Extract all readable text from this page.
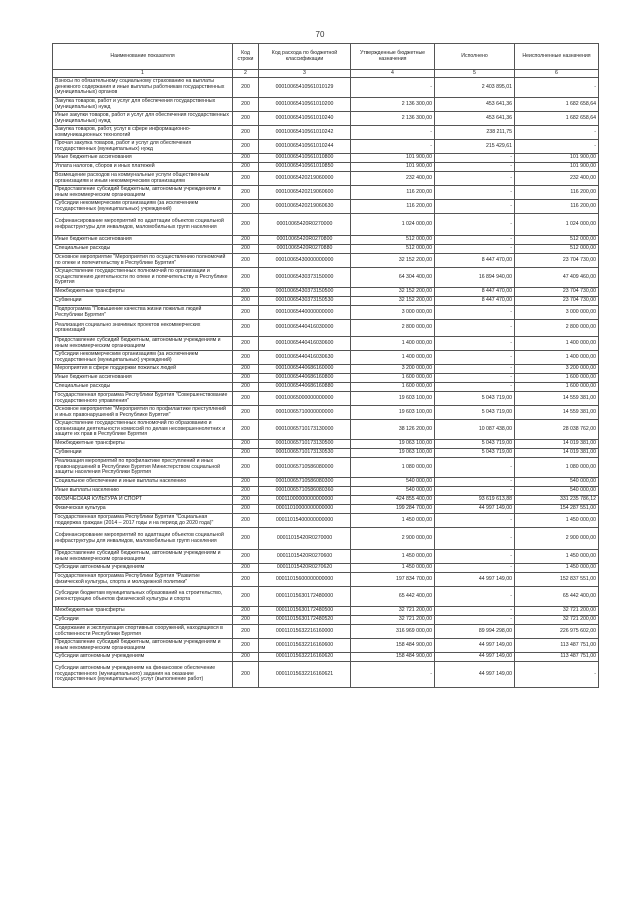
70
Наименование показателя	Код строки	Код расхода по бюджетной классификации	Утвержденные бюджетные назначения	Исполнено	Неисполненные назначения
1	2	3	4	5	6
Взносы по обязательному социальному страхованию на выплаты денежного содержания и иные выплаты работникам государственных (муниципальных) органов	200	00010065410561010129	-	2 403 895,01	-
Закупка товаров, работ и услуг для обеспечения государственных (муниципальных) нужд	200	00010065410561010200	2 136 300,00	453 641,36	1 682 658,64
Иные закупки товаров, работ и услуг для обеспечения государственных (муниципальных) нужд	200	00010065410561010240	2 136 300,00	453 641,36	1 682 658,64
Закупка товаров, работ, услуг в сфере информационно-коммуникационных технологий	200	00010065410561010242	-	238 211,75	-
Прочая закупка товаров, работ и услуг для обеспечения государственных (муниципальных) нужд	200	00010065410561010244	-	215 429,61	-
Иные бюджетные ассигнования	200	00010065410561010800	101 900,00	-	101 900,00
Уплата налогов, сборов и иных платежей	200	00010065410561010850	101 900,00	-	101 900,00
Возмещение расходов на коммунальные услуги общественным организациям и иным некоммерческим организациям	200	00010065420219060000	232 400,00	-	232 400,00
Предоставление субсидий бюджетным, автономным учреждениям и иным некоммерческим организациям	200	00010065420219060600	116 200,00	-	116 200,00
Субсидии некоммерческим организациям (за исключением государственных (муниципальных) учреждений)	200	00010065420219060630	116 200,00	-	116 200,00
Софинансирование мероприятий по адаптации объектов социальной инфраструктуры для инвалидов, маломобильных групп населения	200	00010065420R0270000	1 024 000,00	-	1 024 000,00
Иные бюджетные ассигнования	200	00010065420R0270800	512 000,00	-	512 000,00
Специальные расходы	200	00010065420R0270880	512 000,00	-	512 000,00
Основное мероприятие "Мероприятия по осуществлению полномочий по опеке и попечительству в Республике Бурятия"	200	00010065430000000000	32 152 200,00	8 447 470,00	23 704 730,00
Осуществление государственных полномочий по организации и осуществлению деятельности по опеке и попечительству в Республике Бурятия	200	00010065430373150000	64 304 400,00	16 894 940,00	47 409 460,00
Межбюджетные трансферты	200	00010065430373150500	32 152 200,00	8 447 470,00	23 704 730,00
Субвенции	200	00010065430373150530	32 152 200,00	8 447 470,00	23 704 730,00
Подпрограмма "Повышение качества жизни пожилых людей Республики Бурятия"	200	00010065440000000000	3 000 000,00	-	3 000 000,00
Реализация социально значимых проектов некоммерческих организаций	200	00010065440416030000	2 800 000,00	-	2 800 000,00
Предоставление субсидий бюджетным, автономным учреждениям и иным некоммерческим организациям	200	00010065440416030600	1 400 000,00	-	1 400 000,00
Субсидии некоммерческим организациям (за исключением государственных (муниципальных) учреждений)	200	00010065440416030630	1 400 000,00	-	1 400 000,00
Мероприятия в сфере поддержки пожилых людей	200	00010065440686160000	3 200 000,00	-	3 200 000,00
Иные бюджетные ассигнования	200	00010065440686160800	1 600 000,00	-	1 600 000,00
Специальные расходы	200	00010065440686160880	1 600 000,00	-	1 600 000,00
Государственная программа Республики Бурятия "Совершенствование государственного управления"	200	00010065000000000000	19 603 100,00	5 043 719,00	14 559 381,00
Основное мероприятие "Мероприятия по профилактике преступлений и иных правонарушений в Республике Бурятия"	200	00010065710000000000	19 603 100,00	5 043 719,00	14 559 381,00
Осуществление государственных полномочий по образованию и организации деятельности комиссий по делам несовершеннолетних и защите их прав в Республике Бурятия	200	00010065710173130000	38 126 200,00	10 087 438,00	28 038 762,00
Межбюджетные трансферты	200	00010065710173130500	19 063 100,00	5 043 719,00	14 019 381,00
Субвенции	200	00010065710173130530	19 063 100,00	5 043 719,00	14 019 381,00
Реализация мероприятий по профилактике преступлений и иных правонарушений в Республике Бурятия Министерством социальной защиты населения Республики Бурятия	200	00010065710586080000	1 080 000,00	-	1 080 000,00
Социальное обеспечение и иные выплаты населению	200	00010065710586080300	540 000,00	-	540 000,00
Иные выплаты населению	200	00010065710586080360	540 000,00	-	540 000,00
ФИЗИЧЕСКАЯ КУЛЬТУРА И СПОРТ	200	00011000000000000000	424 855 400,00	93 619 613,88	331 235 786,12
Физическая культура	200	00011010000000000000	199 284 700,00	44 997 149,00	154 287 551,00
Государственная программа Республики Бурятия "Социальная поддержка граждан (2014 – 2017 годы и на период до 2020 года)"	200	00011015400000000000	1 450 000,00	-	1 450 000,00
Софинансирование мероприятий по адаптации объектов социальной инфраструктуры для инвалидов, маломобильных групп населения	200	00011015420R0270000	2 900 000,00	-	2 900 000,00
Предоставление субсидий бюджетным, автономным учреждениям и иным некоммерческим организациям	200	00011015420R0270600	1 450 000,00	-	1 450 000,00
Субсидии автономным учреждениям	200	00011015420R0270620	1 450 000,00	-	1 450 000,00
Государственная программа Республики Бурятия "Развитие физической культуры, спорта и молодежной политики"	200	00011015600000000000	197 834 700,00	44 997 149,00	152 837 551,00
Субсидии бюджетам муниципальных образований на строительство, реконструкцию объектов физической культуры и спорта	200	00011015630172480000	65 442 400,00	-	65 442 400,00
Межбюджетные трансферты	200	00011015630172480500	32 721 200,00	-	32 721 200,00
Субсидии	200	00011015630172480520	32 721 200,00	-	32 721 200,00
Содержание и эксплуатация спортивных сооружений, находящихся в собственности Республики Бурятия	200	00011015632216160000	316 969 000,00	89 994 298,00	226 975 602,00
Предоставление субсидий бюджетным, автономным учреждениям и иным некоммерческим организациям	200	00011015632216160600	158 484 900,00	44 997 149,00	113 487 751,00
Субсидии автономным учреждениям	200	00011015632216160620	158 484 900,00	44 997 149,00	113 487 751,00
Субсидии автономным учреждениям на финансовое обеспечение государственного (муниципального) задания на оказание государственных (муниципальных) услуг (выполнение работ)	200	00011015632216160621	-	44 997 149,00	-
